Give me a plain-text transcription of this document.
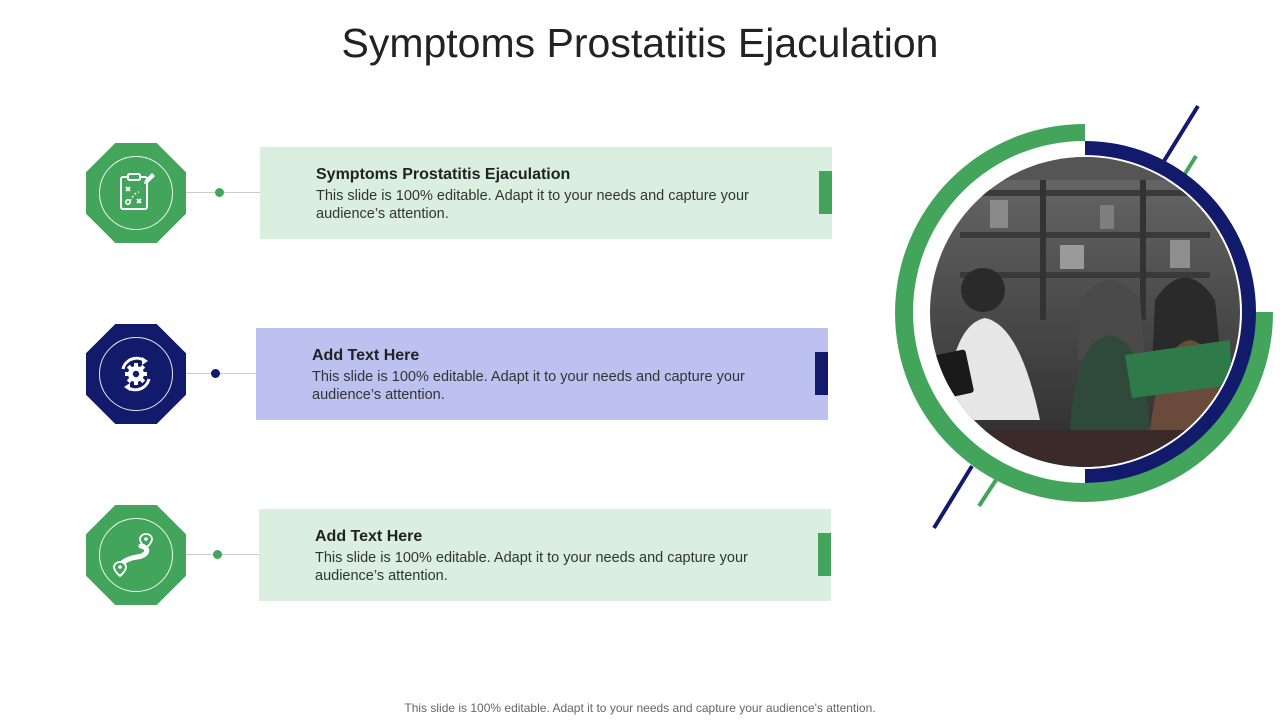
Symptoms Prostatitis Ejaculation
Symptoms Prostatitis Ejaculation
This slide is 100% editable. Adapt it to your needs and capture your audience’s attention.
Add Text Here
This slide is 100% editable. Adapt it to your needs and capture your audience’s attention.
Add Text Here
This slide is 100% editable. Adapt it to your needs and capture your audience’s attention.
This slide is 100% editable. Adapt it to your needs and capture your audience's attention.
